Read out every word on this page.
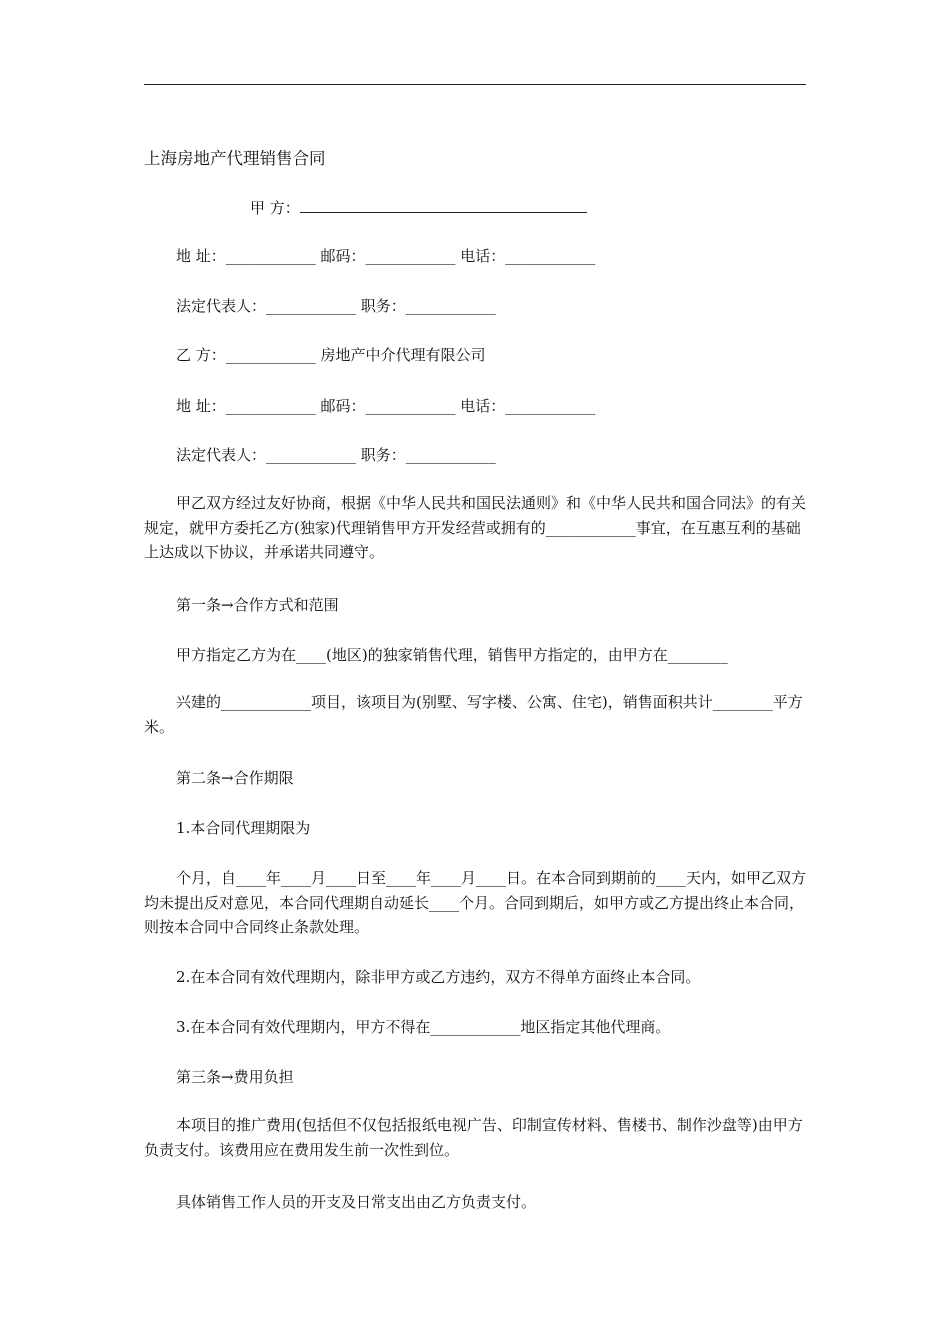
上海房地产代理销售合同
甲 方：
地 址：____________ 邮码：____________ 电话：____________
法定代表人：____________ 职务：____________
乙 方：____________ 房地产中介代理有限公司
地 址：____________ 邮码：____________ 电话：____________
法定代表人：____________ 职务：____________
甲乙双方经过友好协商，根据《中华人民共和国民法通则》和《中华人民共和国合同法》的有关规定，就甲方委托乙方(独家)代理销售甲方开发经营或拥有的____________事宜，在互惠互利的基础上达成以下协议，并承诺共同遵守。
第一条→合作方式和范围
甲方指定乙方为在____(地区)的独家销售代理，销售甲方指定的，由甲方在________
兴建的____________项目，该项目为(别墅、写字楼、公寓、住宅)，销售面积共计________平方米。
第二条→合作期限
1.本合同代理期限为
个月，自____年____月____日至____年____月____日。在本合同到期前的____天内，如甲乙双方均未提出反对意见，本合同代理期自动延长____个月。合同到期后，如甲方或乙方提出终止本合同，则按本合同中合同终止条款处理。
2.在本合同有效代理期内，除非甲方或乙方违约，双方不得单方面终止本合同。
3.在本合同有效代理期内，甲方不得在____________地区指定其他代理商。
第三条→费用负担
本项目的推广费用(包括但不仅包括报纸电视广告、印制宣传材料、售楼书、制作沙盘等)由甲方负责支付。该费用应在费用发生前一次性到位。
具体销售工作人员的开支及日常支出由乙方负责支付。
